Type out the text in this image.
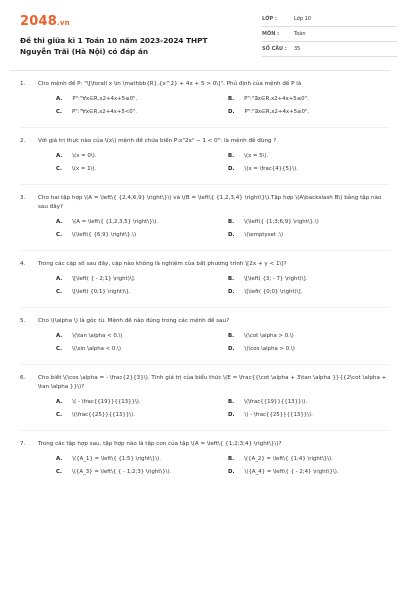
2048.vn
Đề thi giữa kì 1 Toán 10 năm 2023-2024 THPT Nguyễn Trãi (Hà Nội) có đáp án
LỚP :	Lớp 10
MÔN :	Toán
SỐ CÂU : 35
1. Cho mệnh đề P: "\[\forall x \in \mathbb{R},{x^2} + 4x + 5 > 0\]". Phủ định của mệnh đề P là
A. P":"∀x∈R,x2+4x+5≤0".	B. P":"∃x∈R,x2+4x+5≤0".
C. P":"∀x∈R,x2+4x+5<0".	D. P":"∃x∈R,x2+4x+5≥0".
2. Với giá trị thực nào của \(x\) mệnh đề chứa biến P:x"2x² − 1 < 0": là mệnh đề đúng ?
A. \(x = 0\).	B. \(x = 5\).
C. \(x = 1\).	D. \(x = \frac{4}{5}\).
3. Cho hai tập hợp \(A = \left\{ {2,4,6,9} \right\}\) và \(B = \left\{ {1,2,3,4} \right\}\).Tập hợp \(A\backslash B\) bằng tập nào sau đây?
A. \(A = \left\{ {1,2,3,5} \right\}\).	B. \(\left\{ {1;3;6;9} \right\}.\)
C. \(\left\{ {6;9} \right\}.\)	D. \(\emptyset .\)
4. Trong các cặp số sau đây, cặp nào không là nghiệm của bất phương trình \[2x + y < 1\]?
A. \[\left( { - 2;1} \right)\].	B. \[\left( {3; - 7} \right)\].
C. \[\left( {0;1} \right)\].	D. \[\left( {0;0} \right)\].
5. Cho \(\alpha \) là góc tù. Mệnh đề nào đúng trong các mệnh đề sau?
A. \(\tan \alpha < 0.\)	B. \(\cot \alpha > 0.\)
C. \(\sin \alpha < 0.\)	D. \(\cos \alpha > 0.\)
6. Cho biết \(\cos \alpha = - \frac{2}{3}\). Tính giá trị của biểu thức \(E = \frac{{\cot \alpha + 3\tan \alpha }}{{2\cot \alpha + \tan \alpha }}\)?
A. \( - \frac{{19}}{{13}}\).	B. \(\frac{{19}}{{13}}\).
C. \(\frac{{25}}{{13}}\).	D. \( - \frac{{25}}{{13}}\).
7. Trong các tập hợp sau, tập hợp nào là tập con của tập \(A = \left\{ {1;2;3;4} \right\}\)?
A. \({A_1} = \left\{ {1;5} \right\}\).	B. \({A_2} = \left\{ {1;4} \right\}\).
C. \({A_3} = \left\{ { - 1;2;3} \right\}\).	D. \({A_4} = \left\{ { - 2;4} \right\}\).
